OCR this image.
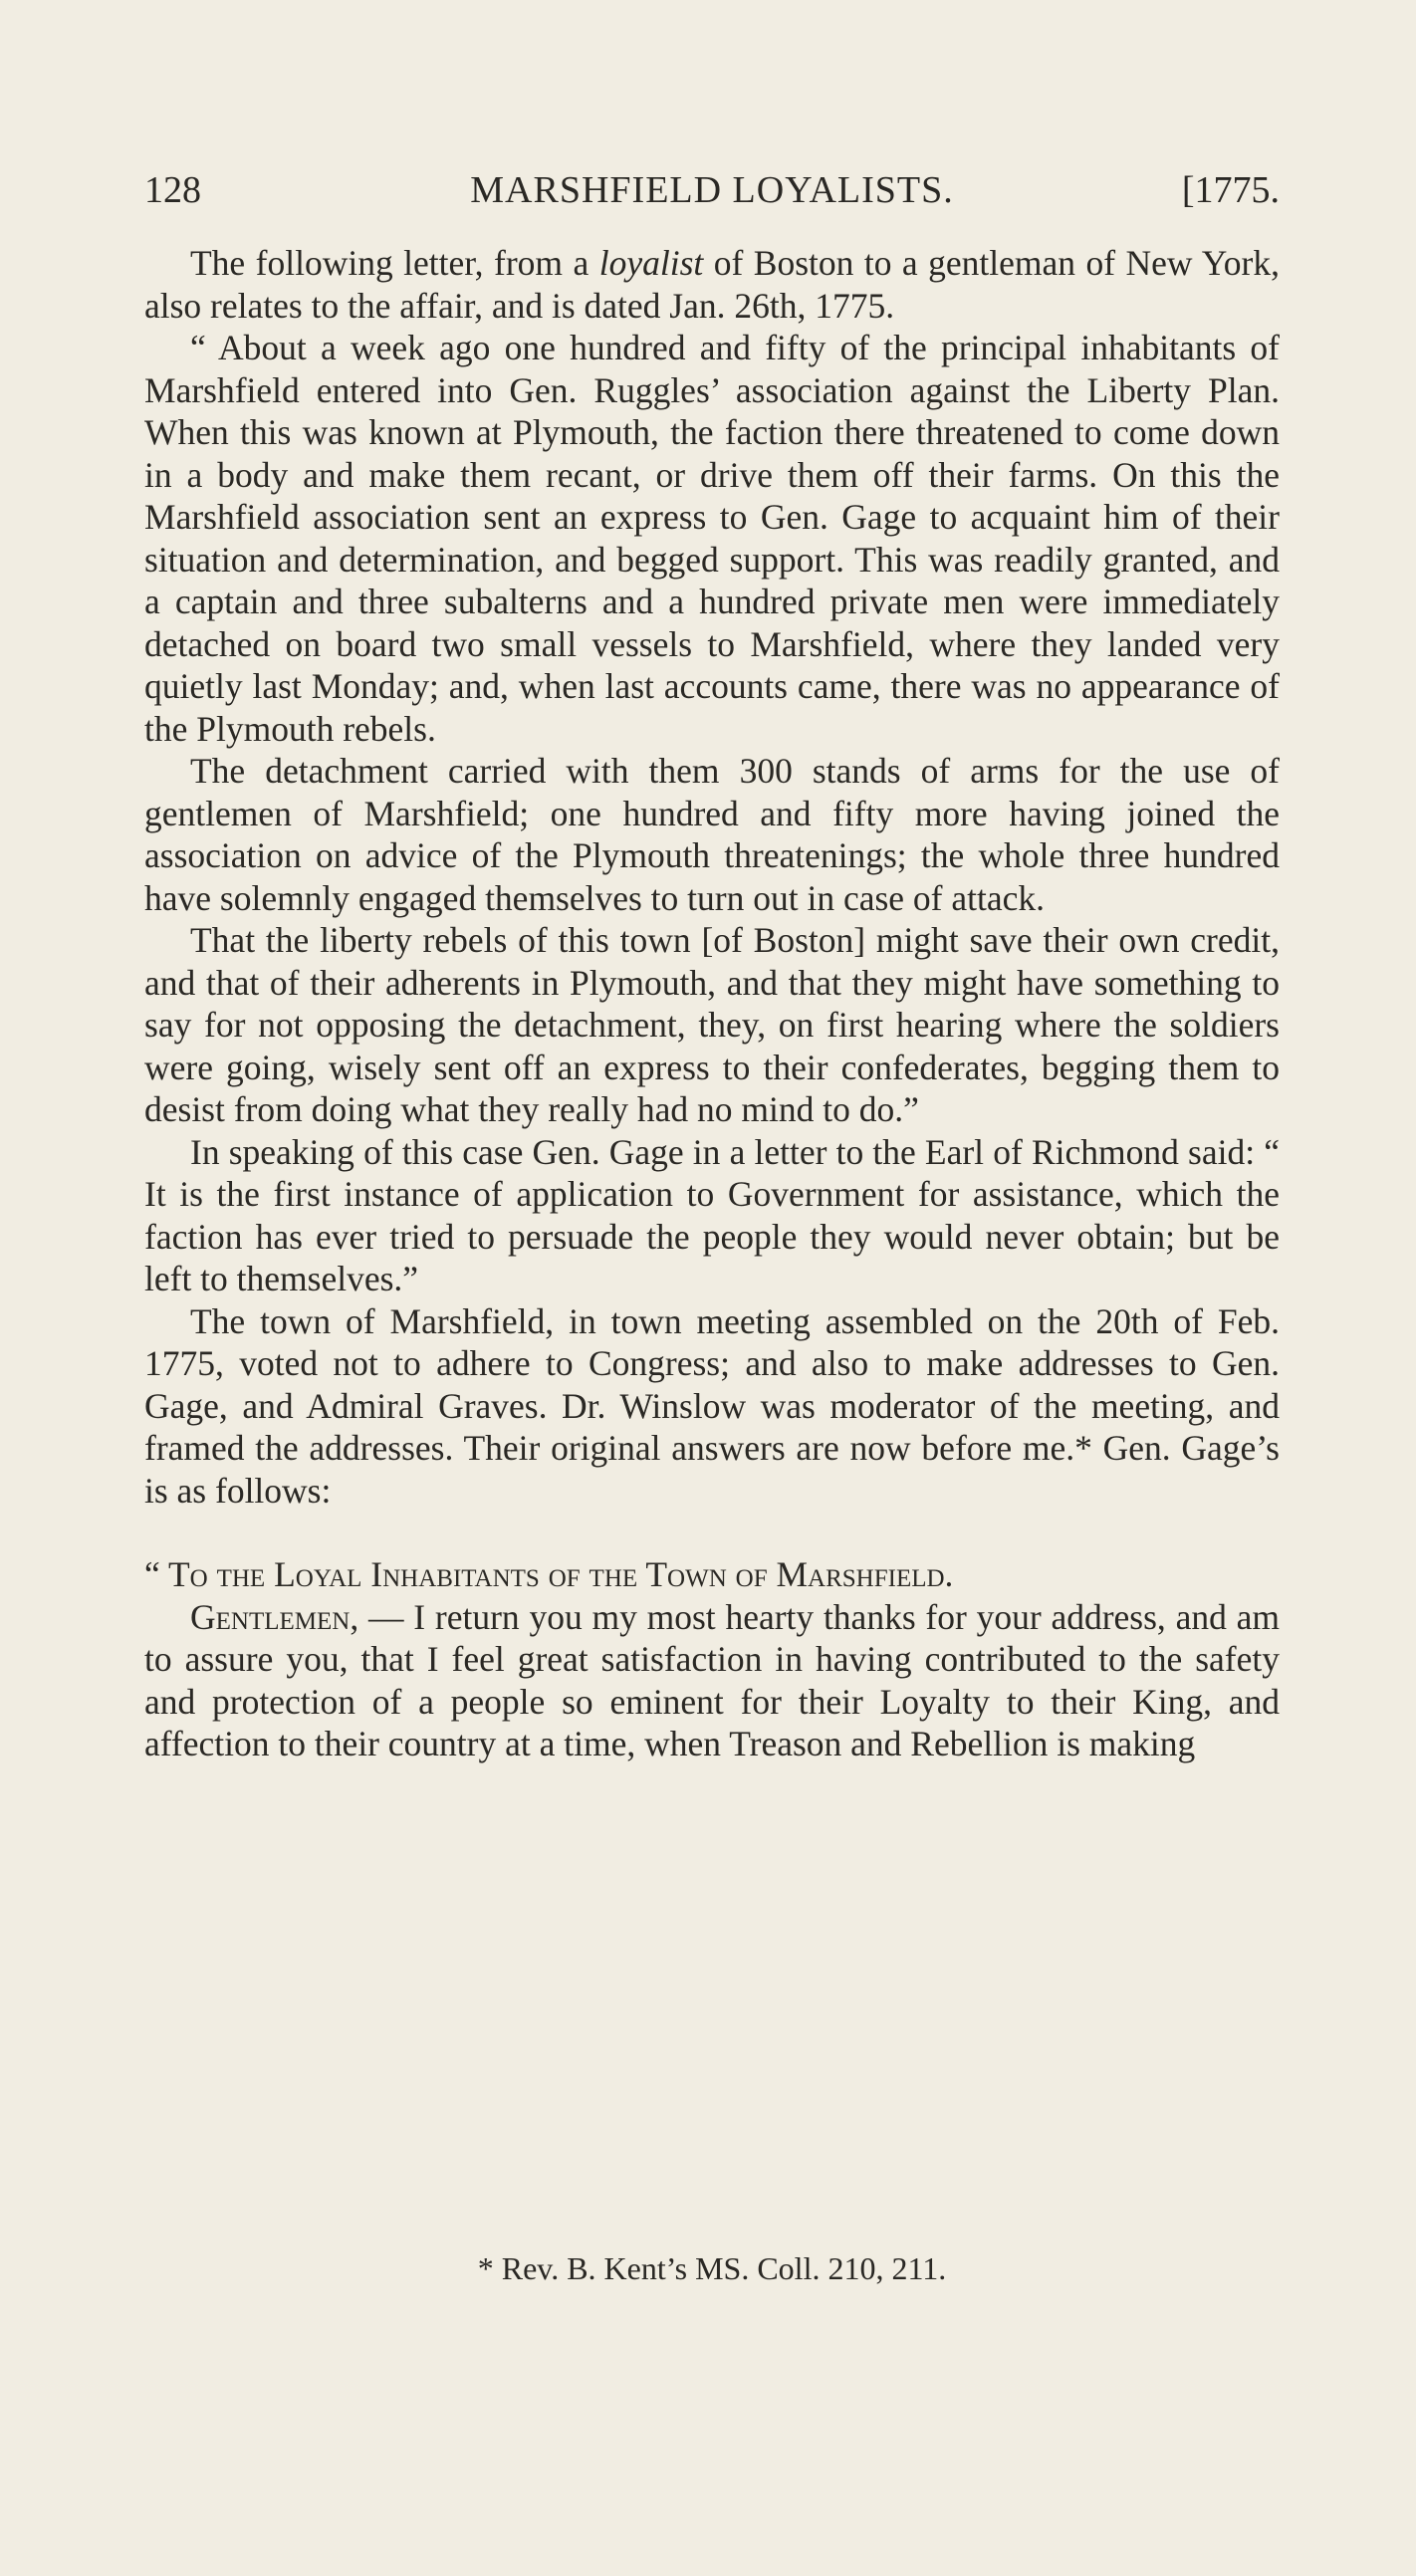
128	MARSHFIELD LOYALISTS.	[1775.

The following letter, from a loyalist of Boston to a gentleman of New York, also relates to the affair, and is dated Jan. 26th, 1775.

“ About a week ago one hundred and fifty of the principal inhabitants of Marshfield entered into Gen. Ruggles’ association against the Liberty Plan. When this was known at Plymouth, the faction there threatened to come down in a body and make them recant, or drive them off their farms. On this the Marshfield association sent an express to Gen. Gage to acquaint him of their situation and determination, and begged support. This was readily granted, and a captain and three subalterns and a hundred private men were immediately detached on board two small vessels to Marshfield, where they landed very quietly last Monday; and, when last accounts came, there was no appearance of the Plymouth rebels.

The detachment carried with them 300 stands of arms for the use of gentlemen of Marshfield; one hundred and fifty more having joined the association on advice of the Plymouth threatenings; the whole three hundred have solemnly engaged themselves to turn out in case of attack.

That the liberty rebels of this town [of Boston] might save their own credit, and that of their adherents in Plymouth, and that they might have something to say for not opposing the detachment, they, on first hearing where the soldiers were going, wisely sent off an express to their confederates, begging them to desist from doing what they really had no mind to do.”

In speaking of this case Gen. Gage in a letter to the Earl of Richmond said: “ It is the first instance of application to Government for assistance, which the faction has ever tried to persuade the people they would never obtain; but be left to themselves.”

The town of Marshfield, in town meeting assembled on the 20th of Feb. 1775, voted not to adhere to Congress; and also to make addresses to Gen. Gage, and Admiral Graves. Dr. Winslow was moderator of the meeting, and framed the addresses. Their original answers are now before me.* Gen. Gage’s is as follows:

“ To the Loyal Inhabitants of the Town of Marshfield.

Gentlemen, — I return you my most hearty thanks for your address, and am to assure you, that I feel great satisfaction in having contributed to the safety and protection of a people so eminent for their Loyalty to their King, and affection to their country at a time, when Treason and Rebellion is making

* Rev. B. Kent’s MS. Coll. 210, 211.
